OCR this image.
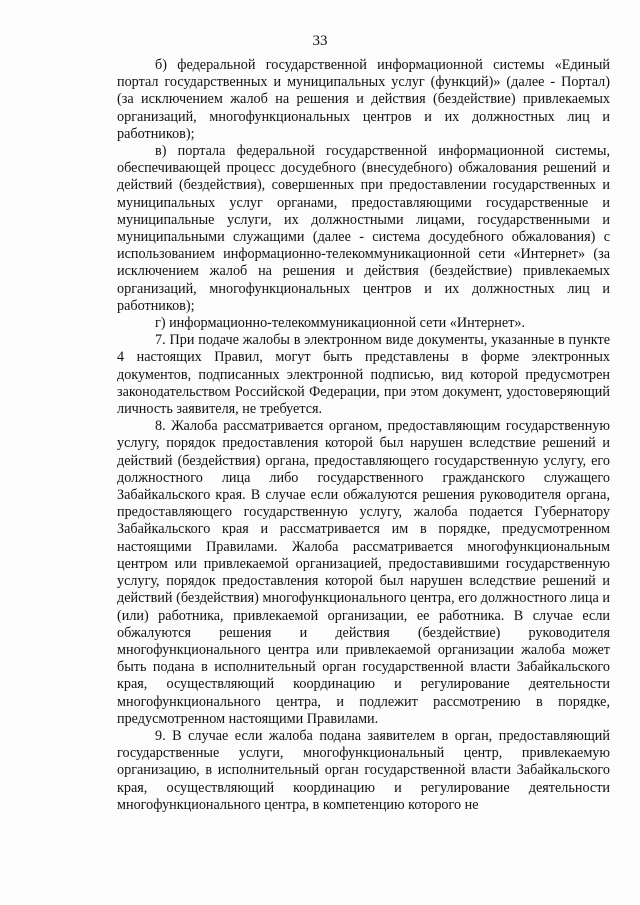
33

б) федеральной государственной информационной системы «Единый портал государственных и муниципальных услуг (функций)» (далее - Портал) (за исключением жалоб на решения и действия (бездействие) привлекаемых организаций, многофункциональных центров и их должностных лиц и работников);

в) портала федеральной государственной информационной системы, обеспечивающей процесс досудебного (внесудебного) обжалования решений и действий (бездействия), совершенных при предоставлении государственных и муниципальных услуг органами, предоставляющими государственные и муниципальные услуги, их должностными лицами, государственными и муниципальными служащими (далее - система досудебного обжалования) с использованием информационно-телекоммуникационной сети «Интернет» (за исключением жалоб на решения и действия (бездействие) привлекаемых организаций, многофункциональных центров и их должностных лиц и работников);

г) информационно-телекоммуникационной сети «Интернет».

7. При подаче жалобы в электронном виде документы, указанные в пункте 4 настоящих Правил, могут быть представлены в форме электронных документов, подписанных электронной подписью, вид которой предусмотрен законодательством Российской Федерации, при этом документ, удостоверяющий личность заявителя, не требуется.

8. Жалоба рассматривается органом, предоставляющим государственную услугу, порядок предоставления которой был нарушен вследствие решений и действий (бездействия) органа, предоставляющего государственную услугу, его должностного лица либо государственного гражданского служащего Забайкальского края. В случае если обжалуются решения руководителя органа, предоставляющего государственную услугу, жалоба подается Губернатору Забайкальского края и рассматривается им в порядке, предусмотренном настоящими Правилами. Жалоба рассматривается многофункциональным центром или привлекаемой организацией, предоставившими государственную услугу, порядок предоставления которой был нарушен вследствие решений и действий (бездействия) многофункционального центра, его должностного лица и (или) работника, привлекаемой организации, ее работника. В случае если обжалуются решения и действия (бездействие) руководителя многофункционального центра или привлекаемой организации жалоба может быть подана в исполнительный орган государственной власти Забайкальского края, осуществляющий координацию и регулирование деятельности многофункционального центра, и подлежит рассмотрению в порядке, предусмотренном настоящими Правилами.

9. В случае если жалоба подана заявителем в орган, предоставляющий государственные услуги, многофункциональный центр, привлекаемую организацию, в исполнительный орган государственной власти Забайкальского края, осуществляющий координацию и регулирование деятельности многофункционального центра, в компетенцию которого не
